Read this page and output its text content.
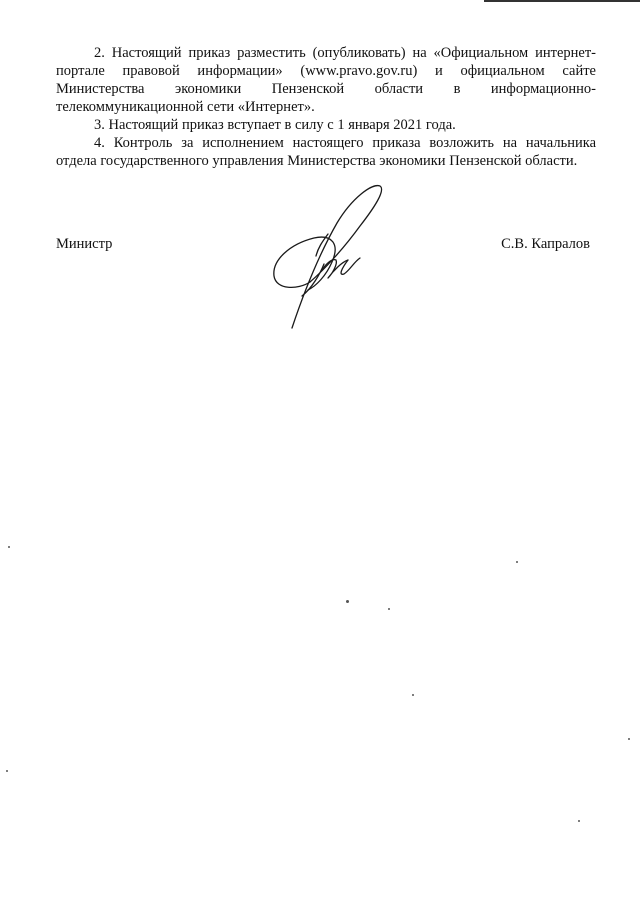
2. Настоящий приказ разместить (опубликовать) на «Официальном интернет-портале правовой информации» (www.pravo.gov.ru) и официальном сайте Министерства экономики Пензенской области в информационно-телекоммуникационной сети «Интернет».

3. Настоящий приказ вступает в силу с 1 января 2021 года.

4. Контроль за исполнением настоящего приказа возложить на начальника отдела государственного управления Министерства экономики Пензенской области.

Министр	С.В. Капралов
